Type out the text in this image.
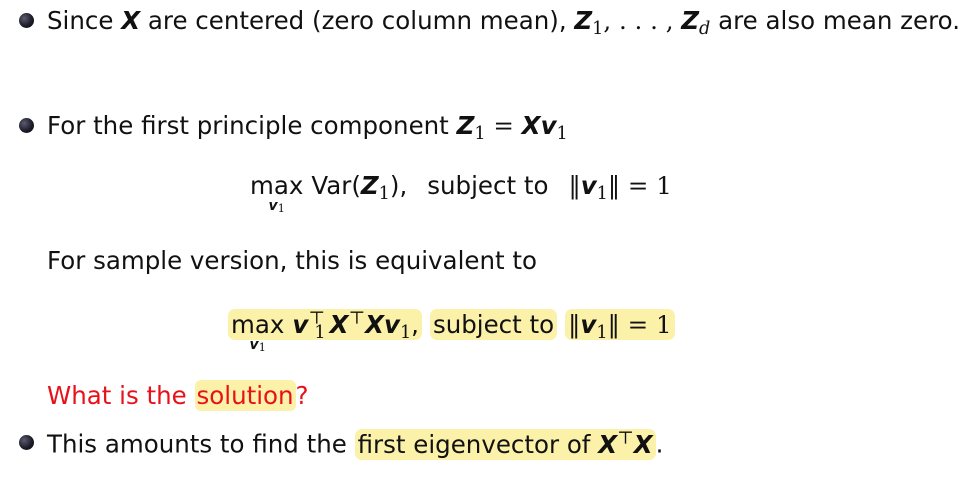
Since X are centered (zero column mean), $Z_1$, . . . , $Z_d$ are also mean zero.
For the first principle component $Z_1 = Xv_1$
max
v1
$Var(Z_1)$, subject to $‖v_1‖ = 1$
For sample version, this is equivalent to
max
v1
$v^⊤_1$ $X^⊤Xv_1$, subject to $‖v_1‖ = 1$
What is the solution?
This amounts to find the first eigenvector of X⊤X .
